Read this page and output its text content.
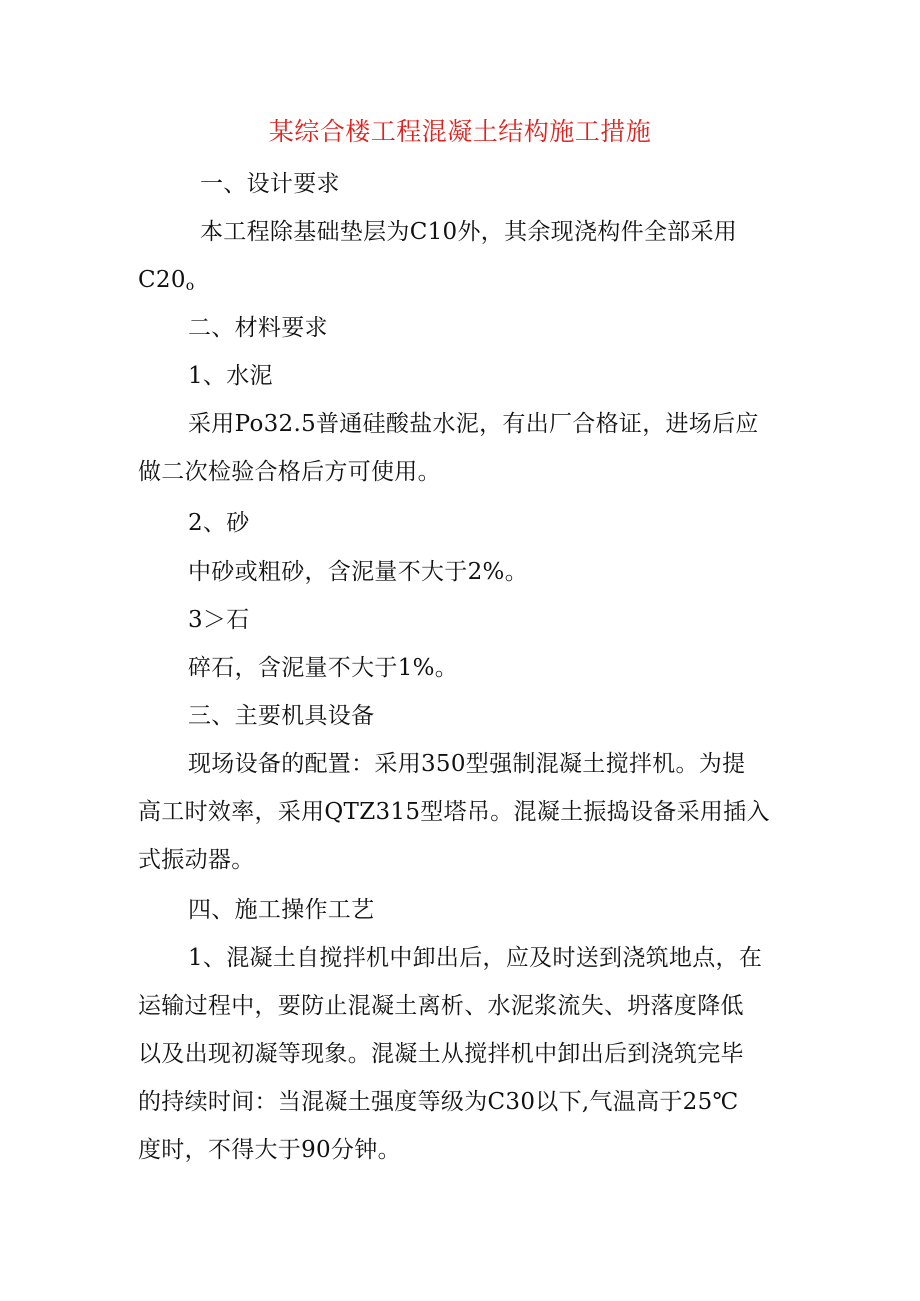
某综合楼工程混凝土结构施工措施
一、设计要求
本工程除基础垫层为C10外，其余现浇构件全部采用
$C20_o$
二、材料要求
1、水泥
采用Po32.5普通硅酸盐水泥，有出厂合格证，进场后应
做二次检验合格后方可使用。
2、砂
中砂或粗砂，含泥量不大于2%。
3＞石
碎石，含泥量不大于1%。
三、主要机具设备
现场设备的配置：采用350型强制混凝土搅拌机。为提
高工时效率，采用QTZ315型塔吊。混凝土振捣设备采用插入
式振动器。
四、施工操作工艺
1、混凝土自搅拌机中卸出后，应及时送到浇筑地点，在
运输过程中，要防止混凝土离析、水泥浆流失、坍落度降低
以及出现初凝等现象。混凝土从搅拌机中卸出后到浇筑完毕
的持续时间：当混凝土强度等级为C30以下,气温高于25℃
度时，不得大于90分钟。
